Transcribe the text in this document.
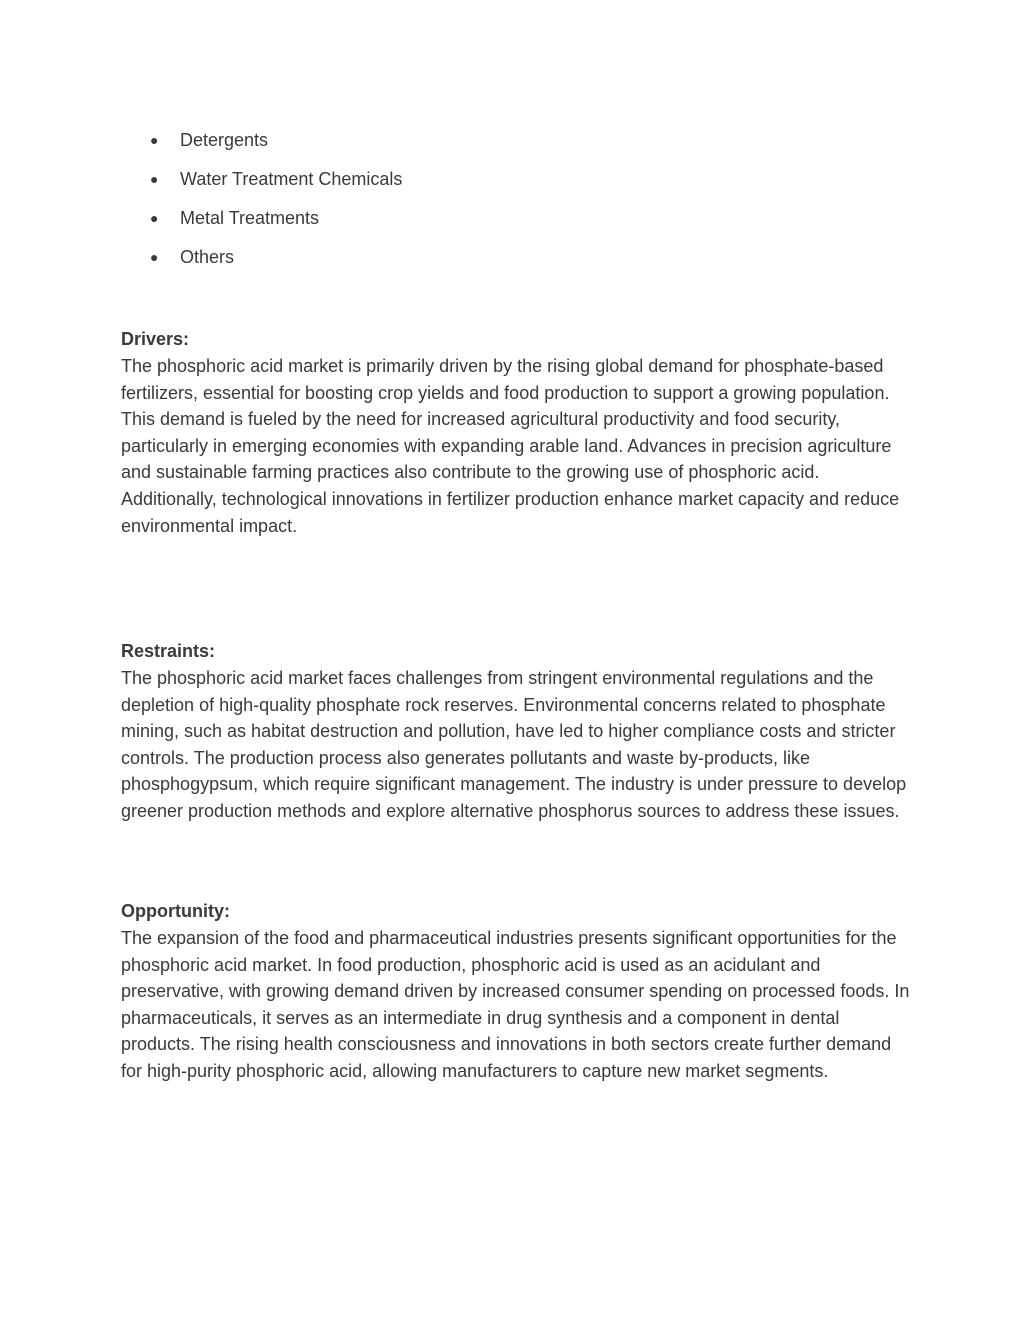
●	Detergents
●	Water Treatment Chemicals
●	Metal Treatments
●	Others

Drivers:

The phosphoric acid market is primarily driven by the rising global demand for phosphate-based fertilizers, essential for boosting crop yields and food production to support a growing population. This demand is fueled by the need for increased agricultural productivity and food security, particularly in emerging economies with expanding arable land. Advances in precision agriculture and sustainable farming practices also contribute to the growing use of phosphoric acid. Additionally, technological innovations in fertilizer production enhance market capacity and reduce environmental impact.

Restraints:

The phosphoric acid market faces challenges from stringent environmental regulations and the depletion of high-quality phosphate rock reserves. Environmental concerns related to phosphate mining, such as habitat destruction and pollution, have led to higher compliance costs and stricter controls. The production process also generates pollutants and waste by-products, like phosphogypsum, which require significant management. The industry is under pressure to develop greener production methods and explore alternative phosphorus sources to address these issues.

Opportunity:

The expansion of the food and pharmaceutical industries presents significant opportunities for the phosphoric acid market. In food production, phosphoric acid is used as an acidulant and preservative, with growing demand driven by increased consumer spending on processed foods. In pharmaceuticals, it serves as an intermediate in drug synthesis and a component in dental products. The rising health consciousness and innovations in both sectors create further demand for high-purity phosphoric acid, allowing manufacturers to capture new market segments.
